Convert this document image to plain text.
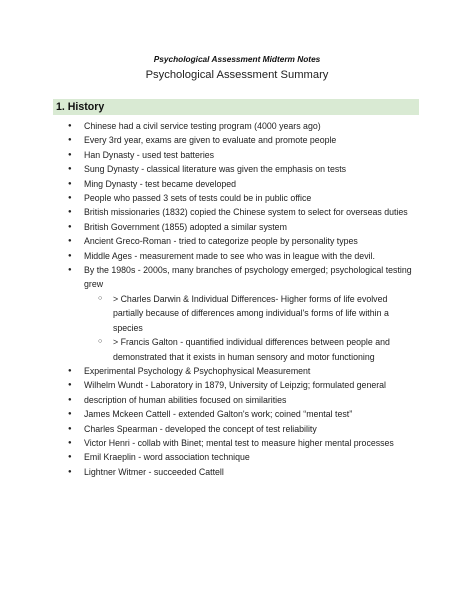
Psychological Assessment Midterm Notes
Psychological Assessment Summary
1. History
● Chinese had a civil service testing program (4000 years ago)
● Every 3rd year, exams are given to evaluate and promote people
● Han Dynasty - used test batteries
● Sung Dynasty - classical literature was given the emphasis on tests
● Ming Dynasty - test became developed
● People who passed 3 sets of tests could be in public office
● British missionaries (1832) copied the Chinese system to select for overseas duties
● British Government (1855) adopted a similar system
● Ancient Greco-Roman - tried to categorize people by personality types
● Middle Ages - measurement made to see who was in league with the devil.
● By the 1980s - 2000s, many branches of psychology emerged; psychological testing grew
○ > Charles Darwin & Individual Differences- Higher forms of life evolved partially because of differences among individual's forms of life within a species
○ > Francis Galton - quantified individual differences between people and demonstrated that it exists in human sensory and motor functioning
● Experimental Psychology & Psychophysical Measurement
● Wilhelm Wundt - Laboratory in 1879, University of Leipzig; formulated general
● description of human abilities focused on similarities
● James Mckeen Cattell - extended Galton's work; coined “mental test”
● Charles Spearman - developed the concept of test reliability
● Victor Henri - collab with Binet; mental test to measure higher mental processes
● Emil Kraeplin - word association technique
● Lightner Witmer - succeeded Cattell
